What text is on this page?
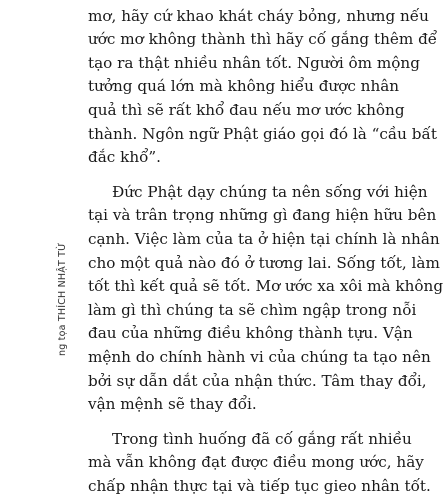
ng tọa THÍCH NHẬT TỪ
mơ, hãy cứ khao khát cháy bỏng, nhưng nếu
ước mơ không thành thì hãy cố gắng thêm để
tạo ra thật nhiều nhân tốt. Người ôm mộng
tưởng quá lớn mà không hiểu được nhân
quả thì sẽ rất khổ đau nếu mơ ước không
thành. Ngôn ngữ Phật giáo gọi đó là “cầu bất
đắc khổ”.
Đức Phật dạy chúng ta nên sống với hiện
tại và trân trọng những gì đang hiện hữu bên
cạnh. Việc làm của ta ở hiện tại chính là nhân
cho một quả nào đó ở tương lai. Sống tốt, làm
tốt thì kết quả sẽ tốt. Mơ ước xa xôi mà không
làm gì thì chúng ta sẽ chìm ngập trong nỗi
đau của những điều không thành tựu. Vận
mệnh do chính hành vi của chúng ta tạo nên
bởi sự dẫn dắt của nhận thức. Tâm thay đổi,
vận mệnh sẽ thay đổi.
Trong tình huống đã cố gắng rất nhiều
mà vẫn không đạt được điều mong ước, hãy
chấp nhận thực tại và tiếp tục gieo nhân tốt.
